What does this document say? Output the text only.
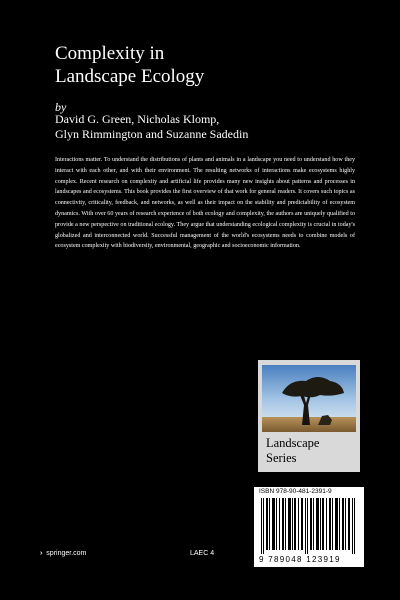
Complexity in
Landscape Ecology
by
David G. Green, Nicholas Klomp,
Glyn Rimmington and Suzanne Sadedin
Interactions matter. To understand the distributions of plants and animals in a landscape you need to understand how they interact with each other, and with their environment. The resulting networks of interactions make ecosystems highly complex. Recent research on complexity and artificial life provides many new insights about patterns and processes in landscapes and ecosystems. This book provides the first overview of that work for general readers. It covers such topics as connectivity, criticality, feedback, and networks, as well as their impact on the stability and predictability of ecosystem dynamics. With over 60 years of research experience of both ecology and complexity, the authors are uniquely qualified to provide a new perspective on traditional ecology. They argue that understanding ecological complexity is crucial in today's globalized and interconnected world. Successful management of the world's ecosystems needs to combine models of ecosystem complexity with biodiversity, environmental, geographic and socioeconomic information.
Landscape
Series
ISBN 978-90-481-2391-9
9 789048 123919
› springer.com	LAEC 4
